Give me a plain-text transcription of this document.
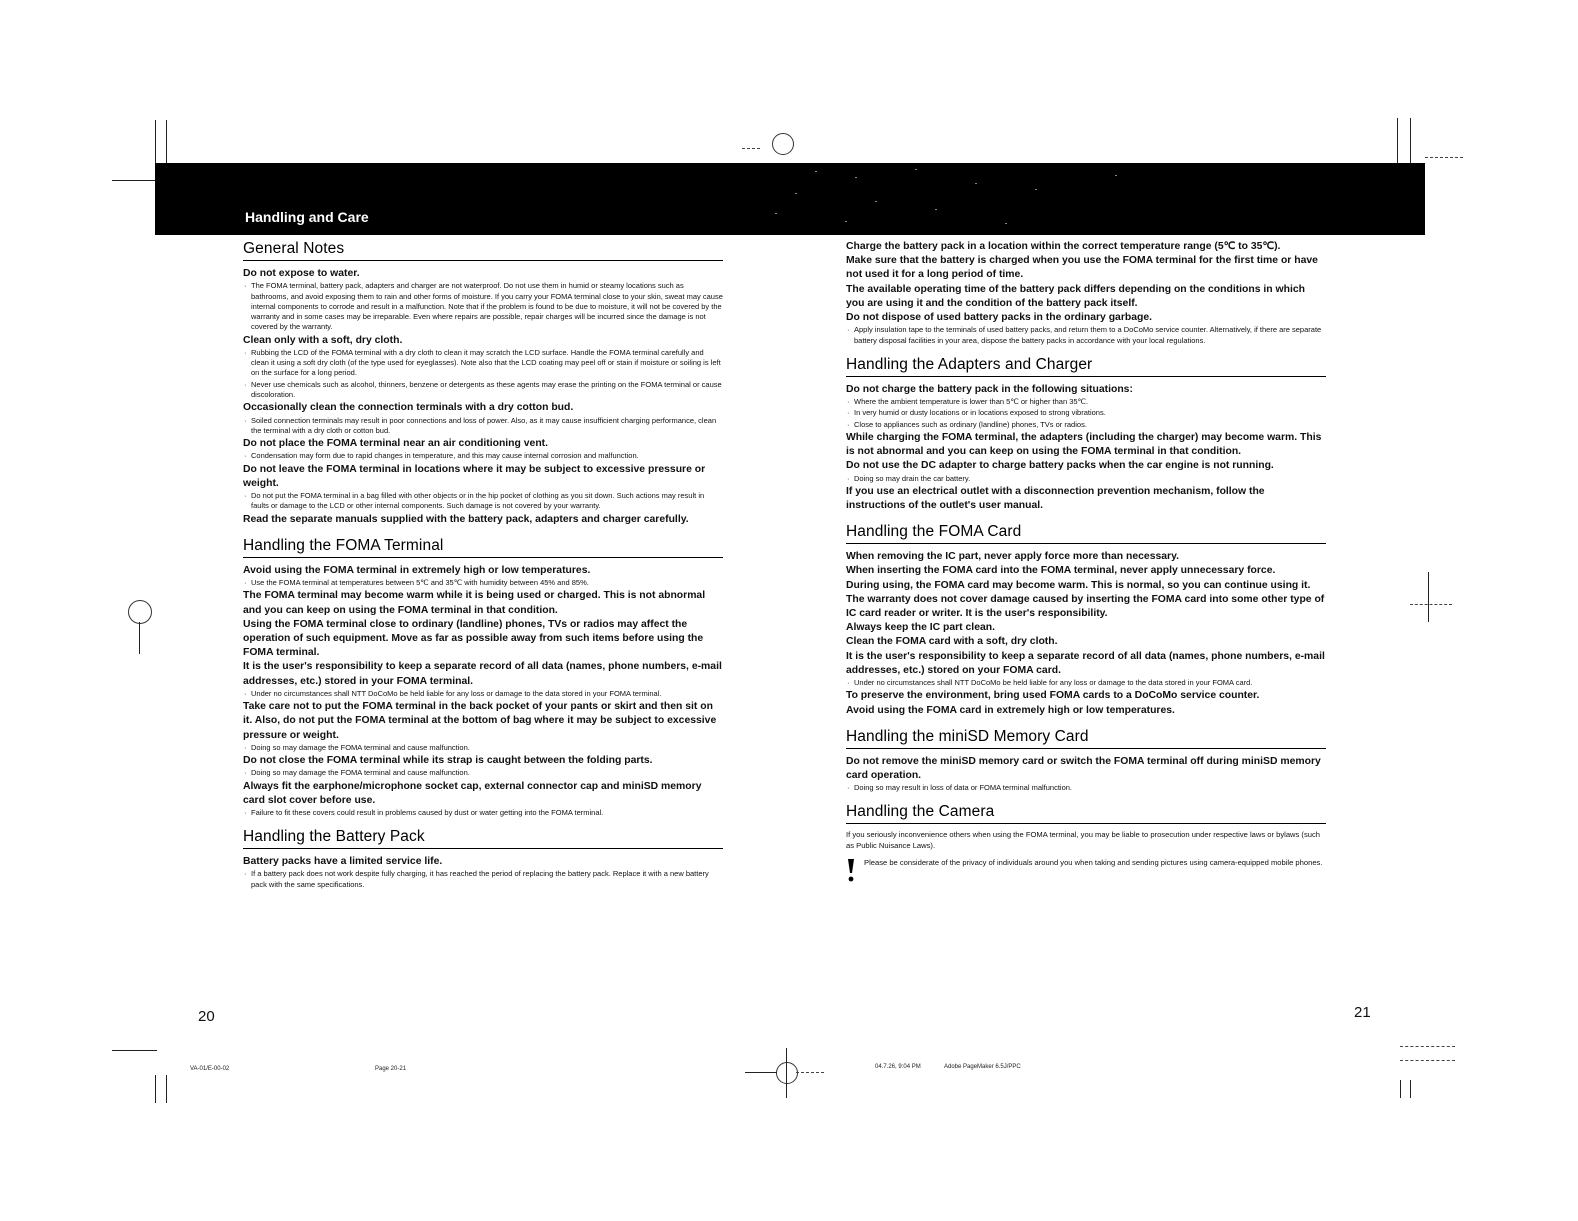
Handling and Care
General Notes

Do not expose to water.

· The FOMA terminal, battery pack, adapters and charger are not waterproof. Do not use them in humid or steamy locations such as bathrooms, and avoid exposing them to rain and other forms of moisture. If you carry your FOMA terminal close to your skin, sweat may cause internal components to corrode and result in a malfunction. Note that if the problem is found to be due to moisture, it will not be covered by the warranty and in some cases may be irreparable. Even where repairs are possible, repair charges will be incurred since the damage is not covered by the warranty.

Clean only with a soft, dry cloth.

· Rubbing the LCD of the FOMA terminal with a dry cloth to clean it may scratch the LCD surface. Handle the FOMA terminal carefully and clean it using a soft dry cloth (of the type used for eyeglasses). Note also that the LCD coating may peel off or stain if moisture or soiling is left on the surface for a long period.

· Never use chemicals such as alcohol, thinners, benzene or detergents as these agents may erase the printing on the FOMA terminal or cause discoloration.

Occasionally clean the connection terminals with a dry cotton bud.

· Soiled connection terminals may result in poor connections and loss of power. Also, as it may cause insufficient charging performance, clean the terminal with a dry cloth or cotton bud.

Do not place the FOMA terminal near an air conditioning vent.

· Condensation may form due to rapid changes in temperature, and this may cause internal corrosion and malfunction.

Do not leave the FOMA terminal in locations where it may be subject to excessive pressure or weight.

· Do not put the FOMA terminal in a bag filled with other objects or in the hip pocket of clothing as you sit down. Such actions may result in faults or damage to the LCD or other internal components. Such damage is not covered by your warranty.

Read the separate manuals supplied with the battery pack, adapters and charger carefully.

Handling the FOMA Terminal

Avoid using the FOMA terminal in extremely high or low temperatures.

· Use the FOMA terminal at temperatures between 5℃ and 35℃ with humidity between 45% and 85%.

The FOMA terminal may become warm while it is being used or charged. This is not abnormal and you can keep on using the FOMA terminal in that condition.

Using the FOMA terminal close to ordinary (landline) phones, TVs or radios may affect the operation of such equipment. Move as far as possible away from such items before using the FOMA terminal.

It is the user's responsibility to keep a separate record of all data (names, phone numbers, e-mail addresses, etc.) stored in your FOMA terminal.

· Under no circumstances shall NTT DoCoMo be held liable for any loss or damage to the data stored in your FOMA terminal.

Take care not to put the FOMA terminal in the back pocket of your pants or skirt and then sit on it. Also, do not put the FOMA terminal at the bottom of bag where it may be subject to excessive pressure or weight.

· Doing so may damage the FOMA terminal and cause malfunction.

Do not close the FOMA terminal while its strap is caught between the folding parts.

· Doing so may damage the FOMA terminal and cause malfunction.

Always fit the earphone/microphone socket cap, external connector cap and miniSD memory card slot cover before use.

· Failure to fit these covers could result in problems caused by dust or water getting into the FOMA terminal.

Handling the Battery Pack

Battery packs have a limited service life.

· If a battery pack does not work despite fully charging, it has reached the period of replacing the battery pack. Replace it with a new battery pack with the same specifications.

Charge the battery pack in a location within the correct temperature range (5℃ to 35℃).

Make sure that the battery is charged when you use the FOMA terminal for the first time or have not used it for a long period of time.

The available operating time of the battery pack differs depending on the conditions in which you are using it and the condition of the battery pack itself.

Do not dispose of used battery packs in the ordinary garbage.

· Apply insulation tape to the terminals of used battery packs, and return them to a DoCoMo service counter. Alternatively, if there are separate battery disposal facilities in your area, dispose the battery packs in accordance with your local regulations.

Handling the Adapters and Charger

Do not charge the battery pack in the following situations:

· Where the ambient temperature is lower than 5℃ or higher than 35℃.

· In very humid or dusty locations or in locations exposed to strong vibrations.

· Close to appliances such as ordinary (landline) phones, TVs or radios.

While charging the FOMA terminal, the adapters (including the charger) may become warm. This is not abnormal and you can keep on using the FOMA terminal in that condition.

Do not use the DC adapter to charge battery packs when the car engine is not running.

· Doing so may drain the car battery.

If you use an electrical outlet with a disconnection prevention mechanism, follow the instructions of the outlet's user manual.

Handling the FOMA Card

When removing the IC part, never apply force more than necessary.

When inserting the FOMA card into the FOMA terminal, never apply unnecessary force.

During using, the FOMA card may become warm. This is normal, so you can continue using it.

The warranty does not cover damage caused by inserting the FOMA card into some other type of IC card reader or writer. It is the user's responsibility.

Always keep the IC part clean.

Clean the FOMA card with a soft, dry cloth.

It is the user's responsibility to keep a separate record of all data (names, phone numbers, e-mail addresses, etc.) stored on your FOMA card.

· Under no circumstances shall NTT DoCoMo be held liable for any loss or damage to the data stored in your FOMA card.

To preserve the environment, bring used FOMA cards to a DoCoMo service counter.

Avoid using the FOMA card in extremely high or low temperatures.

Handling the miniSD Memory Card

Do not remove the miniSD memory card or switch the FOMA terminal off during miniSD memory card operation.

· Doing so may result in loss of data or FOMA terminal malfunction.

Handling the Camera

If you seriously inconvenience others when using the FOMA terminal, you may be liable to prosecution under respective laws or bylaws (such as Public Nuisance Laws).

Please be considerate of the privacy of individuals around you when taking and sending pictures using camera-equipped mobile phones.
20	21
VA-01/E-00-02	Page 20-21	04.7.26, 9:04 PM	Adobe PageMaker 6.5J/PPC
